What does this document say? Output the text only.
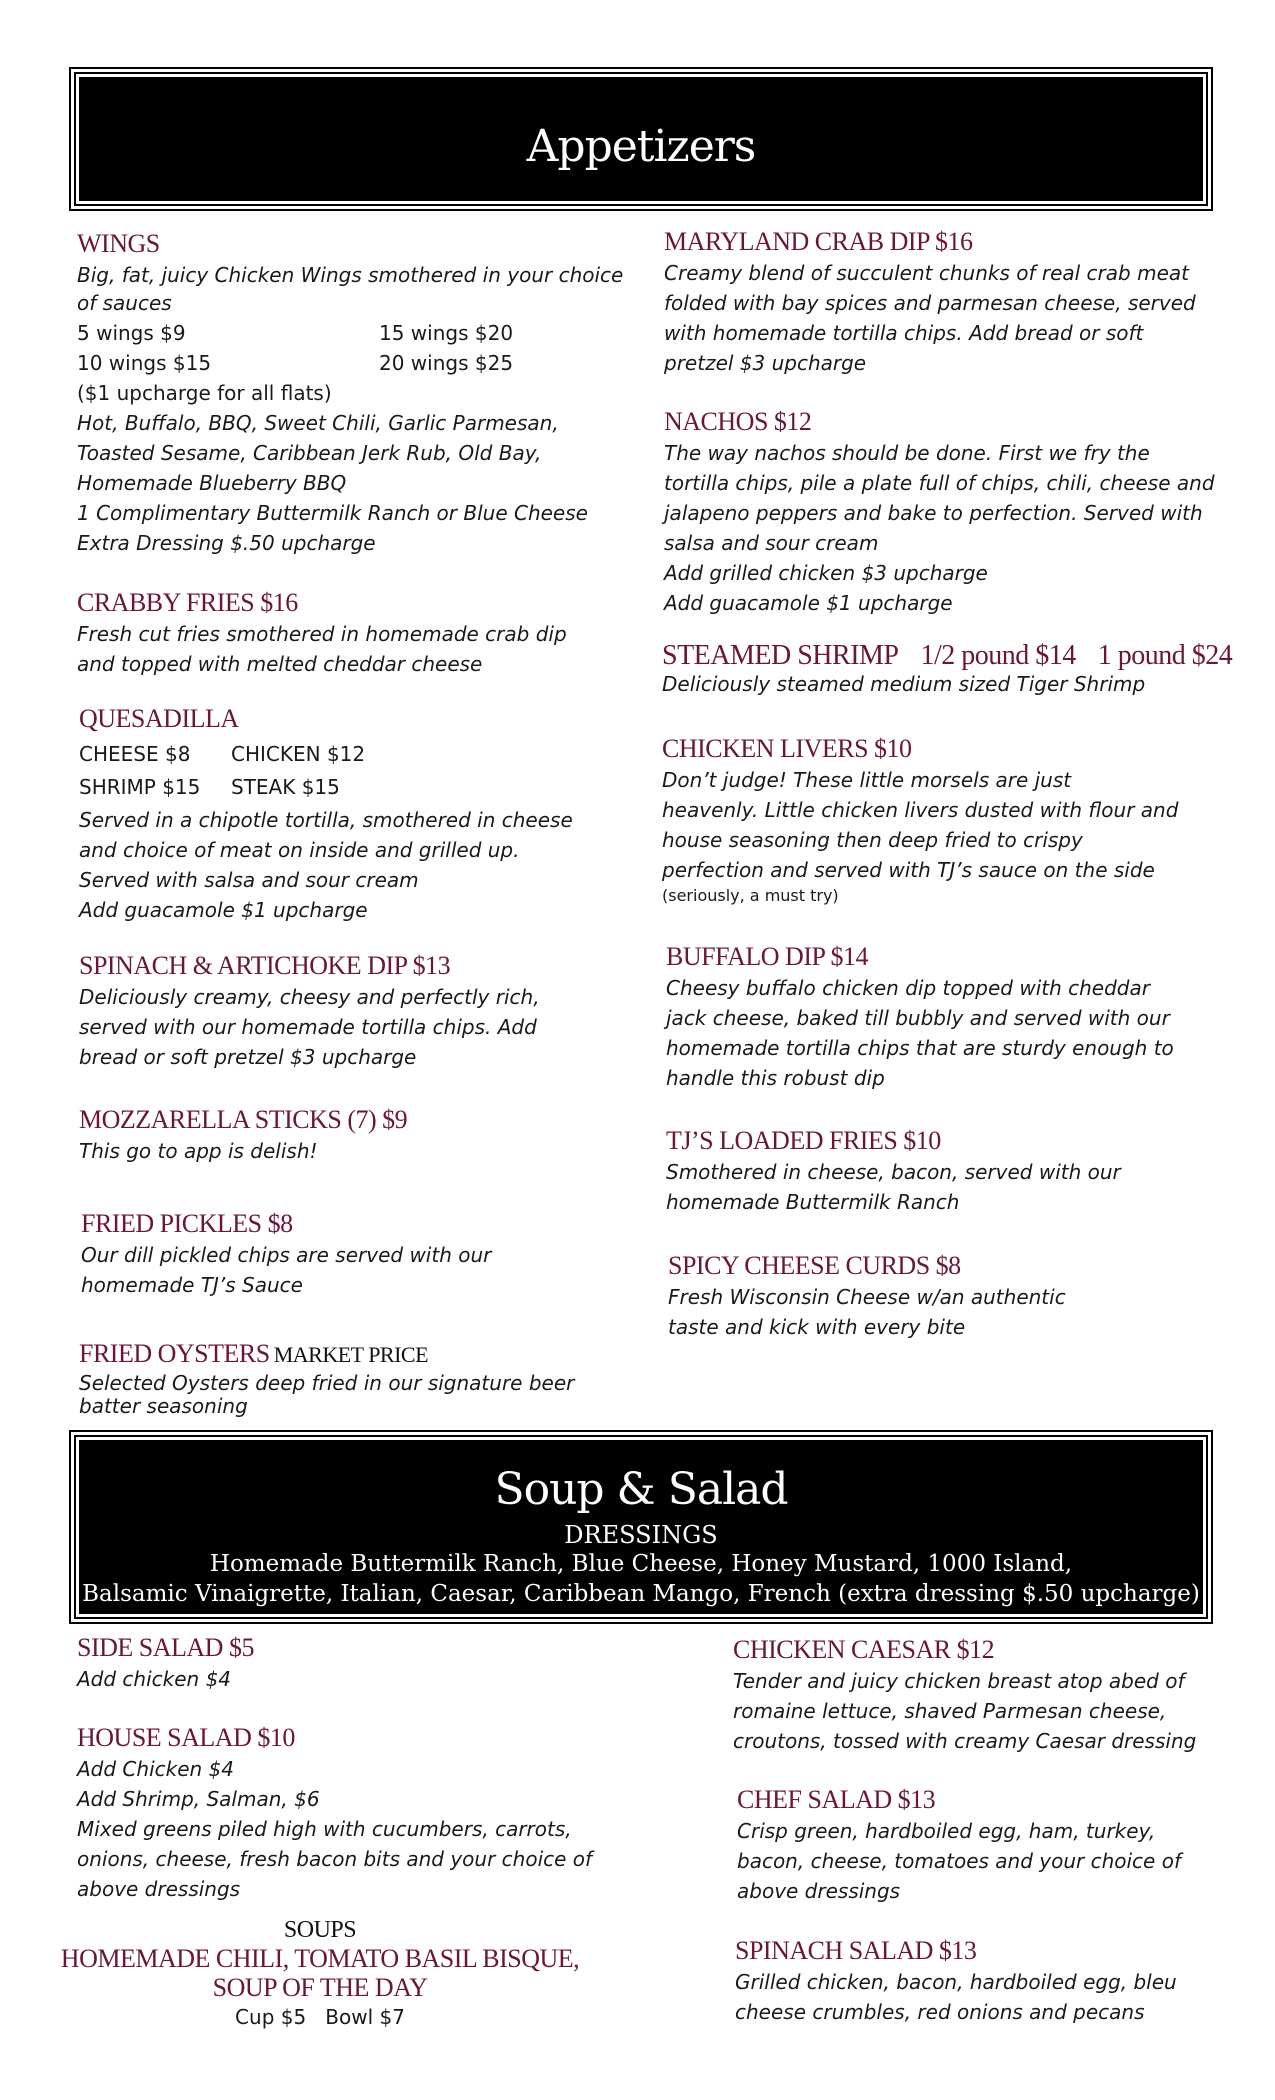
Appetizers
WINGS
Big, fat, juicy Chicken Wings smothered in your choice
of sauces
5 wings $9	15 wings $20
10 wings $15	20 wings $25
($1 upcharge for all flats)
Hot, Buffalo, BBQ, Sweet Chili, Garlic Parmesan,
Toasted Sesame, Caribbean Jerk Rub, Old Bay,
Homemade Blueberry BBQ
1 Complimentary Buttermilk Ranch or Blue Cheese
Extra Dressing $.50 upcharge
CRABBY FRIES $16
Fresh cut fries smothered in homemade crab dip
and topped with melted cheddar cheese
QUESADILLA
CHEESE $8	CHICKEN $12
SHRIMP $15	STEAK $15
Served in a chipotle tortilla, smothered in cheese
and choice of meat on inside and grilled up.
Served with salsa and sour cream
Add guacamole $1 upcharge
SPINACH & ARTICHOKE DIP $13
Deliciously creamy, cheesy and perfectly rich,
served with our homemade tortilla chips. Add
bread or soft pretzel $3 upcharge
MOZZARELLA STICKS (7) $9
This go to app is delish!
FRIED PICKLES $8
Our dill pickled chips are served with our
homemade TJ’s Sauce
FRIED OYSTERS MARKET PRICE
Selected Oysters deep fried in our signature beer
batter seasoning
MARYLAND CRAB DIP $16
Creamy blend of succulent chunks of real crab meat
folded with bay spices and parmesan cheese, served
with homemade tortilla chips. Add bread or soft
pretzel $3 upcharge
NACHOS $12
The way nachos should be done. First we fry the
tortilla chips, pile a plate full of chips, chili, cheese and
jalapeno peppers and bake to perfection. Served with
salsa and sour cream
Add grilled chicken $3 upcharge
Add guacamole $1 upcharge
STEAMED SHRIMP 1/2 pound $14 1 pound $24
Deliciously steamed medium sized Tiger Shrimp
CHICKEN LIVERS $10
Don’t judge! These little morsels are just
heavenly. Little chicken livers dusted with flour and
house seasoning then deep fried to crispy
perfection and served with TJ’s sauce on the side
(seriously, a must try)
BUFFALO DIP $14
Cheesy buffalo chicken dip topped with cheddar
jack cheese, baked till bubbly and served with our
homemade tortilla chips that are sturdy enough to
handle this robust dip
TJ’S LOADED FRIES $10
Smothered in cheese, bacon, served with our
homemade Buttermilk Ranch
SPICY CHEESE CURDS $8
Fresh Wisconsin Cheese w/an authentic
taste and kick with every bite
Soup & Salad
DRESSINGS
Homemade Buttermilk Ranch, Blue Cheese, Honey Mustard, 1000 Island,
Balsamic Vinaigrette, Italian, Caesar, Caribbean Mango, French (extra dressing $.50 upcharge)
SIDE SALAD $5
Add chicken $4
HOUSE SALAD $10
Add Chicken $4
Add Shrimp, Salman, $6
Mixed greens piled high with cucumbers, carrots,
onions, cheese, fresh bacon bits and your choice of
above dressings
SOUPS
HOMEMADE CHILI, TOMATO BASIL BISQUE,
SOUP OF THE DAY
Cup $5   Bowl $7
CHICKEN CAESAR $12
Tender and juicy chicken breast atop abed of
romaine lettuce, shaved Parmesan cheese,
croutons, tossed with creamy Caesar dressing
CHEF SALAD $13
Crisp green, hardboiled egg, ham, turkey,
bacon, cheese, tomatoes and your choice of
above dressings
SPINACH SALAD $13
Grilled chicken, bacon, hardboiled egg, bleu
cheese crumbles, red onions and pecans
